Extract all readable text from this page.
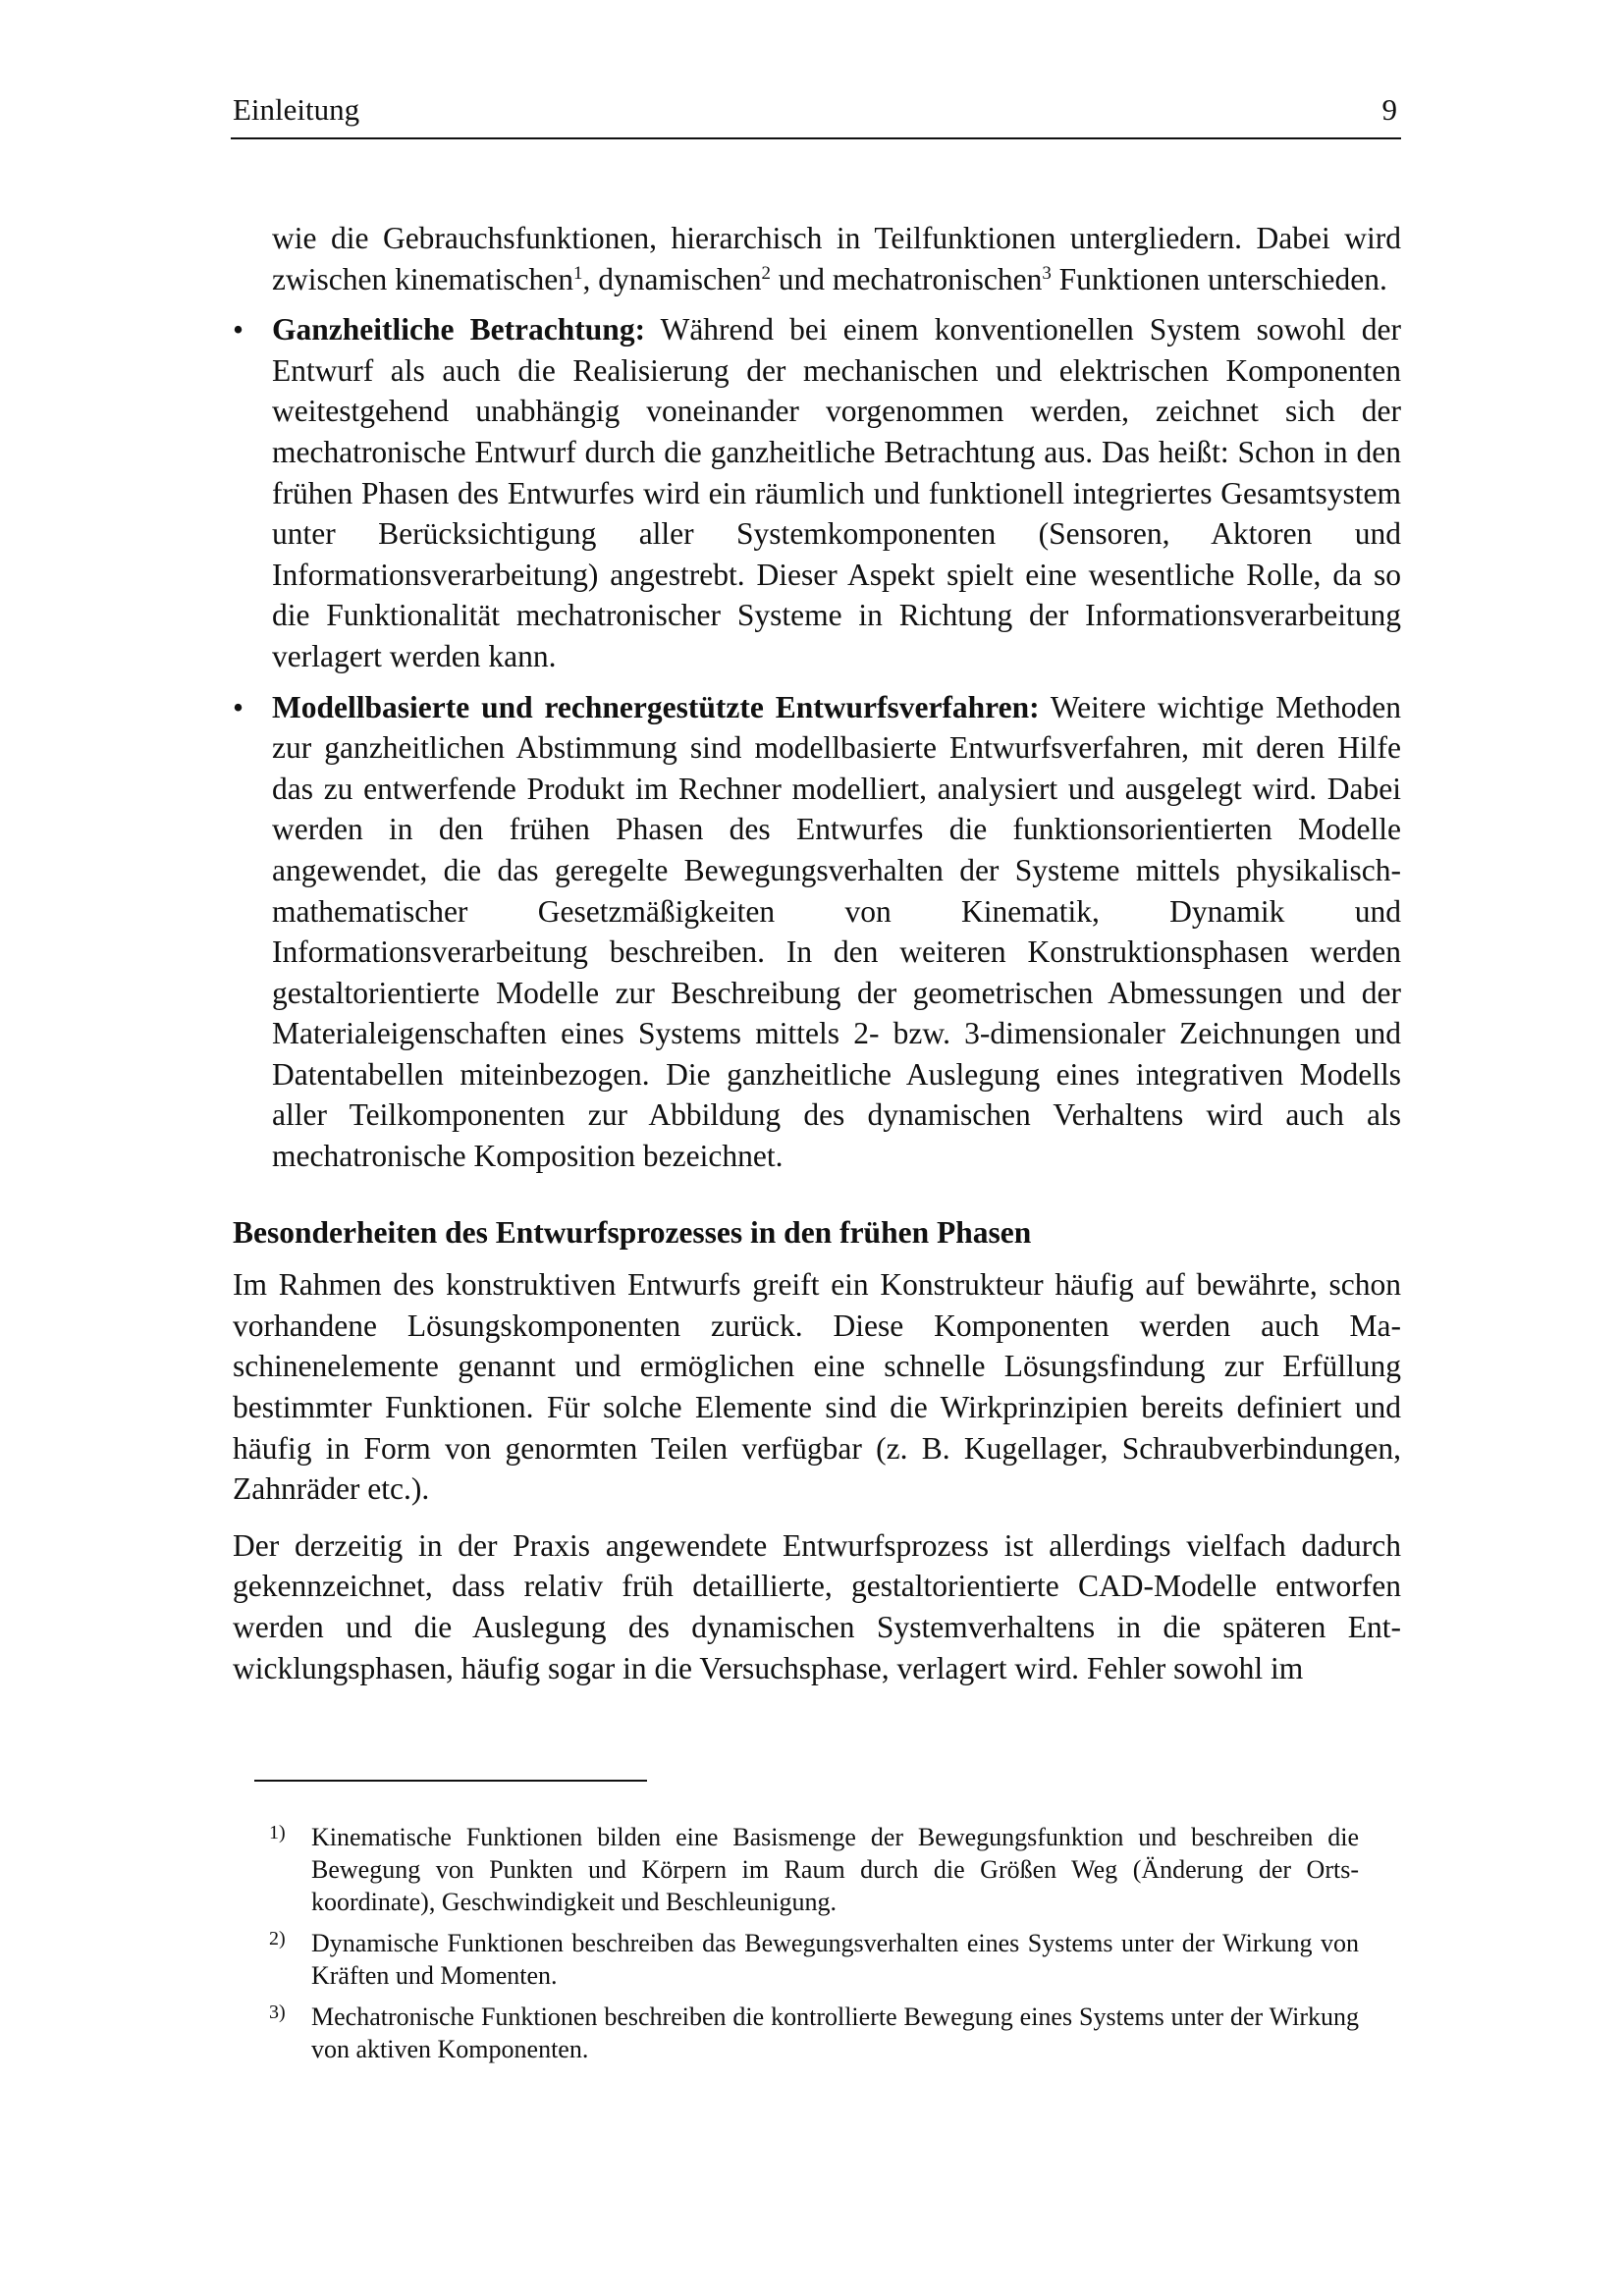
Einleitung	9

wie die Gebrauchsfunktionen, hierarchisch in Teilfunktionen untergliedern. Dabei wird zwischen kinematischen$^1$, dynamischen$^2$ und mechatronischen$^3$ Funktionen unterschieden.

• Ganzheitliche Betrachtung: Während bei einem konventionellen System sowohl der Entwurf als auch die Realisierung der mechanischen und elektrischen Komponenten weitestgehend unabhängig voneinander vorgenommen werden, zeichnet sich der mechatronische Entwurf durch die ganzheitliche Betrachtung aus. Das heißt: Schon in den frühen Phasen des Entwurfes wird ein räumlich und funktionell integriertes Gesamtsystem unter Berücksichtigung aller Systemkomponenten (Sensoren, Aktoren und Informationsverarbeitung) angestrebt. Dieser Aspekt spielt eine wesentliche Rolle, da so die Funktionalität mechatronischer Systeme in Richtung der Informationsverarbeitung verlagert werden kann.

• Modellbasierte und rechnergestützte Entwurfsverfahren: Weitere wichtige Methoden zur ganzheitlichen Abstimmung sind modellbasierte Entwurfsverfahren, mit deren Hilfe das zu entwerfende Produkt im Rechner modelliert, analysiert und ausgelegt wird. Dabei werden in den frühen Phasen des Entwurfes die funktionsorientierten Modelle angewendet, die das geregelte Bewegungsverhalten der Systeme mittels physikalisch-mathematischer Gesetzmäßigkeiten von Kinematik, Dynamik und Informationsverarbeitung beschreiben. In den weiteren Konstruktionsphasen werden gestaltorientierte Modelle zur Beschreibung der geometrischen Abmessungen und der Materialeigenschaften eines Systems mittels 2- bzw. 3-dimensionaler Zeichnungen und Datentabellen miteinbezogen. Die ganzheitliche Auslegung eines integrativen Modells aller Teilkomponenten zur Abbildung des dynamischen Verhaltens wird auch als mechatronische Komposition bezeichnet.

Besonderheiten des Entwurfsprozesses in den frühen Phasen

Im Rahmen des konstruktiven Entwurfs greift ein Konstrukteur häufig auf bewährte, schon vorhandene Lösungskomponenten zurück. Diese Komponenten werden auch Maschinenelemente genannt und ermöglichen eine schnelle Lösungsfindung zur Erfüllung bestimmter Funktionen. Für solche Elemente sind die Wirkprinzipien bereits definiert und häufig in Form von genormten Teilen verfügbar (z. B. Kugellager, Schraubverbindungen, Zahnräder etc.).

Der derzeitig in der Praxis angewendete Entwurfsprozess ist allerdings vielfach dadurch gekennzeichnet, dass relativ früh detaillierte, gestaltorientierte CAD-Modelle entworfen werden und die Auslegung des dynamischen Systemverhaltens in die späteren Entwicklungsphasen, häufig sogar in die Versuchsphase, verlagert wird. Fehler sowohl im

1) Kinematische Funktionen bilden eine Basismenge der Bewegungsfunktion und beschreiben die Bewegung von Punkten und Körpern im Raum durch die Größen Weg (Änderung der Ortskoordinate), Geschwindigkeit und Beschleunigung.
2) Dynamische Funktionen beschreiben das Bewegungsverhalten eines Systems unter der Wirkung von Kräften und Momenten.
3) Mechatronische Funktionen beschreiben die kontrollierte Bewegung eines Systems unter der Wirkung von aktiven Komponenten.
